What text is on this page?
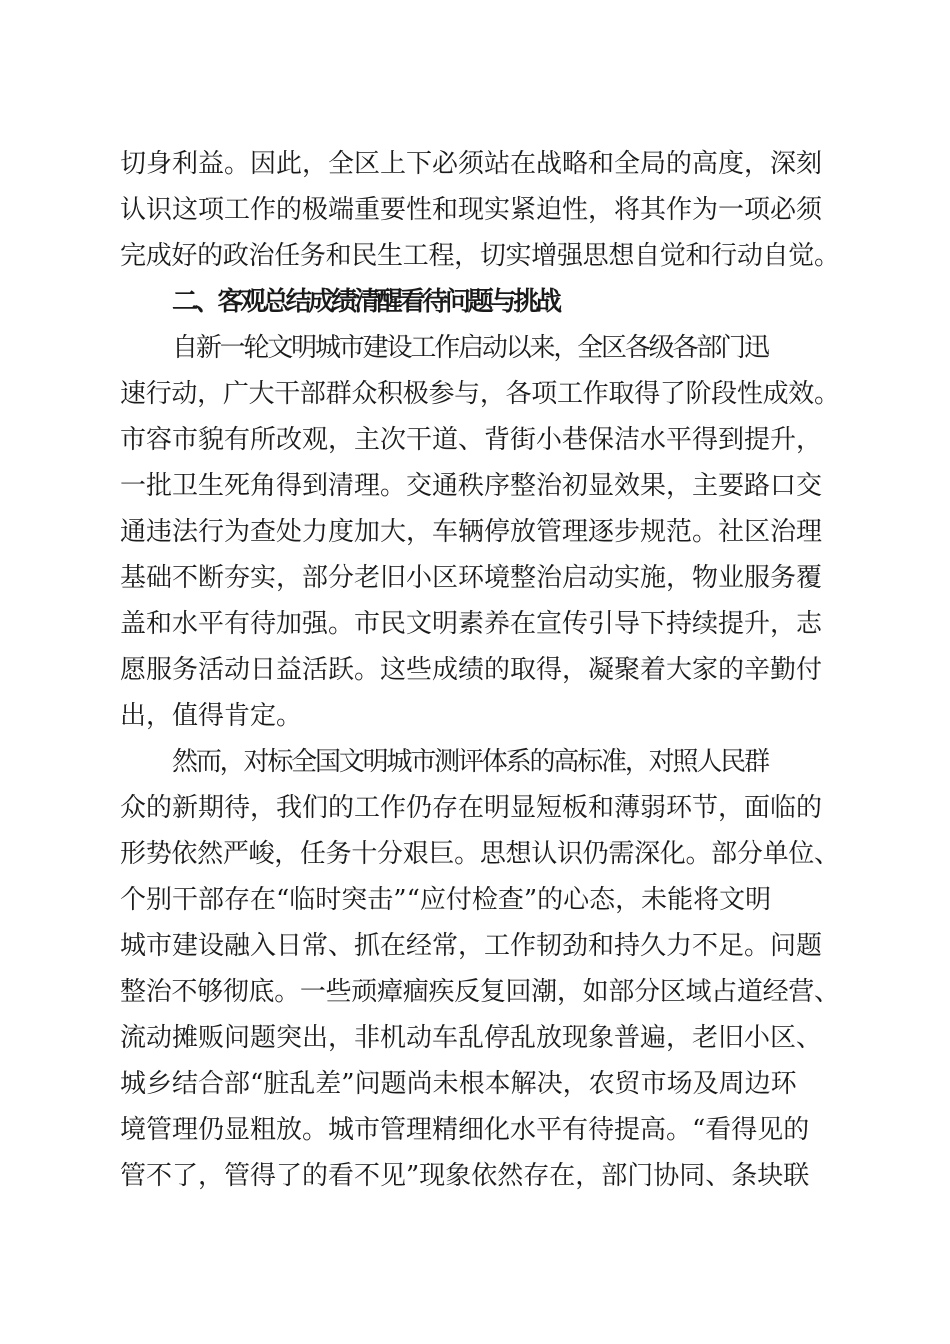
切身利益。因此，全区上下必须站在战略和全局的高度，深刻
认识这项工作的极端重要性和现实紧迫性，将其作为一项必须
完成好的政治任务和民生工程，切实增强思想自觉和行动自觉。
二、客观总结成绩清醒看待问题与挑战
自新一轮文明城市建设工作启动以来，全区各级各部门迅
速行动，广大干部群众积极参与，各项工作取得了阶段性成效。
市容市貌有所改观，主次干道、背街小巷保洁水平得到提升，
一批卫生死角得到清理。交通秩序整治初显效果，主要路口交
通违法行为查处力度加大，车辆停放管理逐步规范。社区治理
基础不断夯实，部分老旧小区环境整治启动实施，物业服务覆
盖和水平有待加强。市民文明素养在宣传引导下持续提升，志
愿服务活动日益活跃。这些成绩的取得，凝聚着大家的辛勤付
出，值得肯定。
然而，对标全国文明城市测评体系的高标准，对照人民群
众的新期待，我们的工作仍存在明显短板和薄弱环节，面临的
形势依然严峻，任务十分艰巨。思想认识仍需深化。部分单位、
个别干部存在“临时突击”“应付检查”的心态，未能将文明
城市建设融入日常、抓在经常，工作韧劲和持久力不足。问题
整治不够彻底。一些顽瘴痼疾反复回潮，如部分区域占道经营、
流动摊贩问题突出，非机动车乱停乱放现象普遍，老旧小区、
城乡结合部“脏乱差”问题尚未根本解决，农贸市场及周边环
境管理仍显粗放。城市管理精细化水平有待提高。“看得见的
管不了，管得了的看不见”现象依然存在，部门协同、条块联
